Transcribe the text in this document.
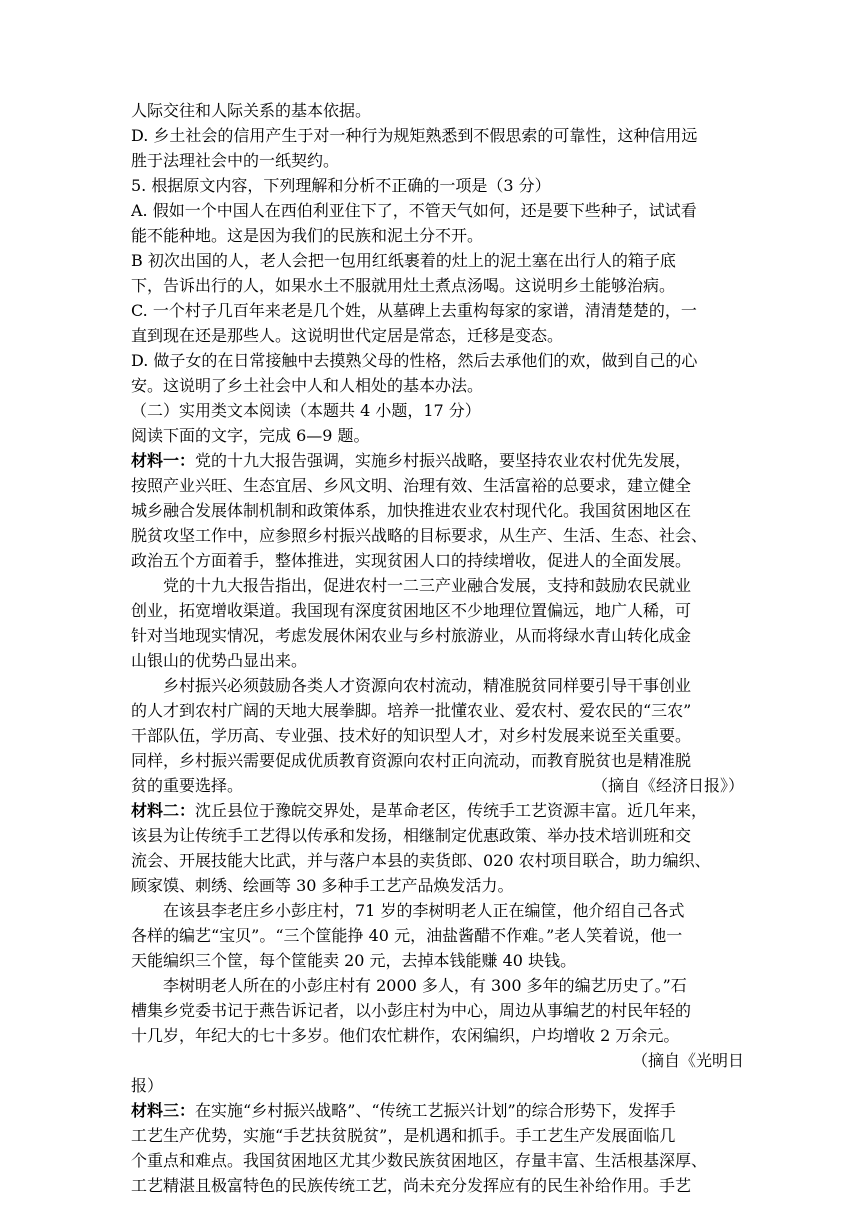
人际交往和人际关系的基本依据。
D. 乡土社会的信用产生于对一种行为规矩熟悉到不假思索的可靠性，这种信用远
胜于法理社会中的一纸契约。
5. 根据原文内容，下列理解和分析不正确的一项是（3 分）
A. 假如一个中国人在西伯利亚住下了，不管天气如何，还是要下些种子，试试看
能不能种地。这是因为我们的民族和泥土分不开。
B 初次出国的人，老人会把一包用红纸裹着的灶上的泥土塞在出行人的箱子底
下，告诉出行的人，如果水土不服就用灶土煮点汤喝。这说明乡土能够治病。
C. 一个村子几百年来老是几个姓，从墓碑上去重构每家的家谱，清清楚楚的，一
直到现在还是那些人。这说明世代定居是常态，迁移是变态。
D. 做子女的在日常接触中去摸熟父母的性格，然后去承他们的欢，做到自己的心
安。这说明了乡土社会中人和人相处的基本办法。
（二）实用类文本阅读（本题共 4 小题，17 分）
阅读下面的文字，完成 6—9 题。
材料一：党的十九大报告强调，实施乡村振兴战略，要坚持农业农村优先发展，
按照产业兴旺、生态宜居、乡风文明、治理有效、生活富裕的总要求，建立健全
城乡融合发展体制机制和政策体系，加快推进农业农村现代化。我国贫困地区在
脱贫攻坚工作中，应参照乡村振兴战略的目标要求，从生产、生活、生态、社会、
政治五个方面着手，整体推进，实现贫困人口的持续增收，促进人的全面发展。
党的十九大报告指出，促进农村一二三产业融合发展，支持和鼓励农民就业
创业，拓宽增收渠道。我国现有深度贫困地区不少地理位置偏远，地广人稀，可
针对当地现实情况，考虑发展休闲农业与乡村旅游业，从而将绿水青山转化成金
山银山的优势凸显出来。
乡村振兴必须鼓励各类人才资源向农村流动，精准脱贫同样要引导干事创业
的人才到农村广阔的天地大展拳脚。培养一批懂农业、爱农村、爱农民的“三农”
干部队伍，学历高、专业强、技术好的知识型人才，对乡村发展来说至关重要。
同样，乡村振兴需要促成优质教育资源向农村正向流动，而教育脱贫也是精准脱
贫的重要选择。	（摘自《经济日报》）
材料二：沈丘县位于豫皖交界处，是革命老区，传统手工艺资源丰富。近几年来，
该县为让传统手工艺得以传承和发扬，相继制定优惠政策、举办技术培训班和交
流会、开展技能大比武，并与落户本县的卖货郎、020 农村项目联合，助力编织、
顾家馍、刺绣、绘画等 30 多种手工艺产品焕发活力。
在该县李老庄乡小彭庄村，71 岁的李树明老人正在编筐，他介绍自己各式
各样的编艺“宝贝”。“三个筐能挣 40 元，油盐酱醋不作难。”老人笑着说，他一
天能编织三个筐，每个筐能卖 20 元，去掉本钱能赚 40 块钱。
李树明老人所在的小彭庄村有 2000 多人，有 300 多年的编艺历史了。”石
槽集乡党委书记于燕告诉记者，以小彭庄村为中心，周边从事编艺的村民年轻的
十几岁，年纪大的七十多岁。他们农忙耕作，农闲编织，户均增收 2 万余元。
（摘自《光明日
报）
材料三：在实施“乡村振兴战略”、“传统工艺振兴计划”的综合形势下，发挥手
工艺生产优势，实施“手艺扶贫脱贫”，是机遇和抓手。手工艺生产发展面临几
个重点和难点。我国贫困地区尤其少数民族贫困地区，存量丰富、生活根基深厚、
工艺精湛且极富特色的民族传统工艺，尚未充分发挥应有的民生补给作用。手艺
